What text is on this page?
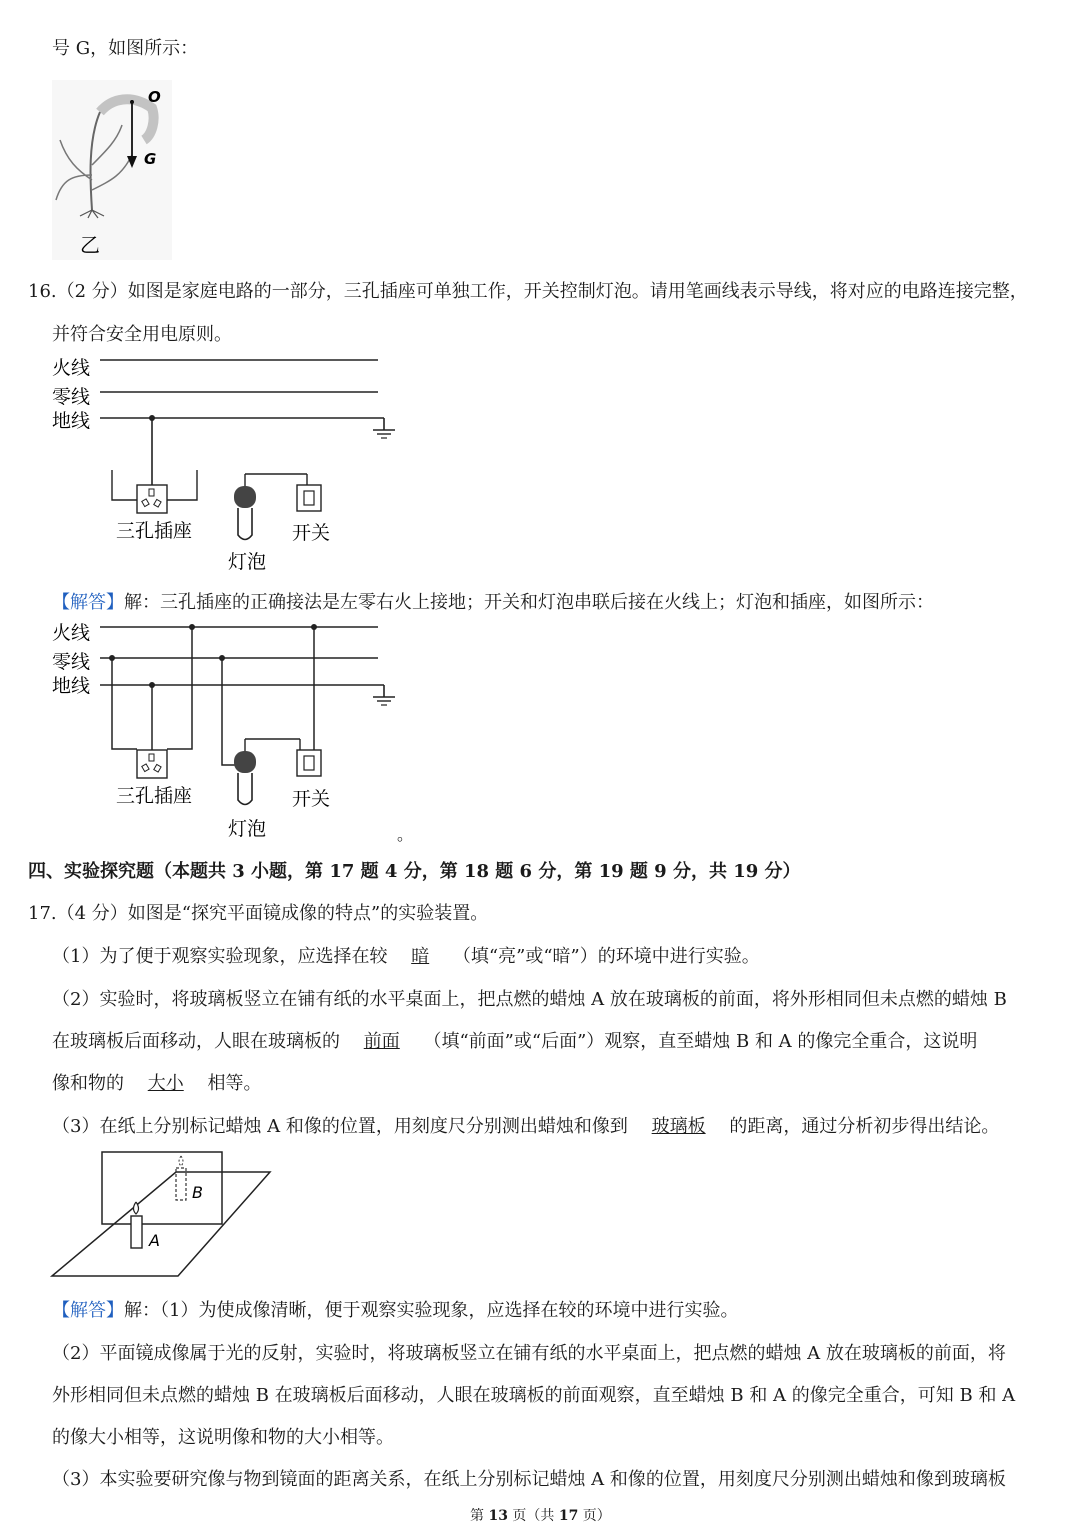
号 G，如图所示：
O
G
乙
16.（2 分）如图是家庭电路的一部分，三孔插座可单独工作，开关控制灯泡。请用笔画线表示导线，将对应的电路连接完整，
并符合安全用电原则。
火线
零线
地线
三孔插座
灯泡
开关
【解答】解：三孔插座的正确接法是左零右火上接地；开关和灯泡串联后接在火线上；灯泡和插座，如图所示：
火线
零线
地线
三孔插座
灯泡
开关
。
四、实验探究题（本题共 3 小题，第 17 题 4 分，第 18 题 6 分，第 19 题 9 分，共 19 分）
17.（4 分）如图是“探究平面镜成像的特点”的实验装置。
（1）为了便于观察实验现象，应选择在较 暗 （填“亮”或“暗”）的环境中进行实验。
（2）实验时，将玻璃板竖立在铺有纸的水平桌面上，把点燃的蜡烛 A 放在玻璃板的前面，将外形相同但未点燃的蜡烛 B
在玻璃板后面移动，人眼在玻璃板的 前面 （填“前面”或“后面”）观察，直至蜡烛 B 和 A 的像完全重合，这说明
像和物的 大小 相等。
（3）在纸上分别标记蜡烛 A 和像的位置，用刻度尺分别测出蜡烛和像到 玻璃板 的距离，通过分析初步得出结论。
B
A
【解答】解：（1）为使成像清晰，便于观察实验现象，应选择在较的环境中进行实验。
（2）平面镜成像属于光的反射，实验时，将玻璃板竖立在铺有纸的水平桌面上，把点燃的蜡烛 A 放在玻璃板的前面，将
外形相同但未点燃的蜡烛 B 在玻璃板后面移动，人眼在玻璃板的前面观察，直至蜡烛 B 和 A 的像完全重合，可知 B 和 A
的像大小相等，这说明像和物的大小相等。
（3）本实验要研究像与物到镜面的距离关系，在纸上分别标记蜡烛 A 和像的位置，用刻度尺分别测出蜡烛和像到玻璃板
第 13 页（共 17 页）
